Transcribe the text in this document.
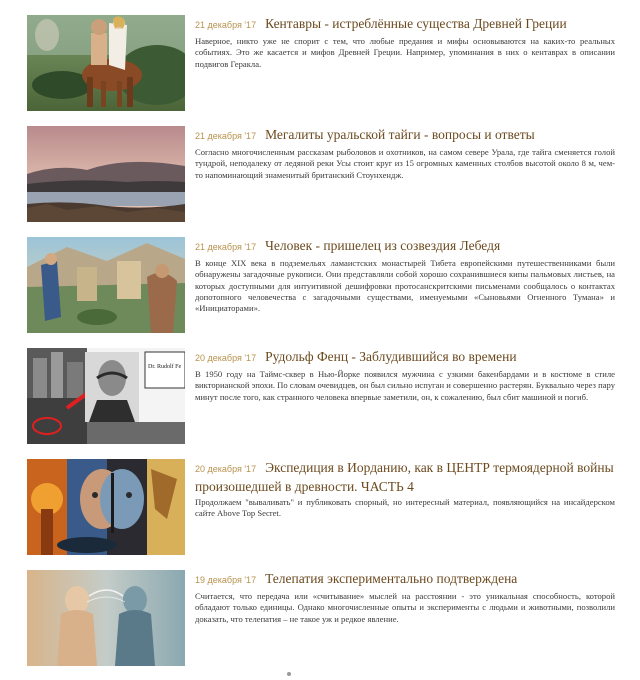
21 декабря '17 Кентавры - истреблённые существа Древней Греции

Наверное, никто уже не спорит с тем, что любые предания и мифы основываются на каких-то реальных событиях. Это же касается и мифов Древней Греции. Например, упоминания в них о кентаврах в описании подвигов Геракла.

21 декабря '17 Мегалиты уральской тайги - вопросы и ответы

Согласно многочисленным рассказам рыболовов и охотников, на самом севере Урала, где тайга сменяется голой тундрой, неподалеку от ледяной реки Усы стоит круг из 15 огромных каменных столбов высотой около 8 м, чем-то напоминающий знаменитый британский Стоунхендж.

21 декабря '17 Человек - пришелец из созвездия Лебедя

В конце XIX века в подземельях ламаистских монастырей Тибета европейскими путешественниками были обнаружены загадочные рукописи. Они представляли собой хорошо сохранившиеся кипы пальмовых листьев, на которых доступными для интуитивной дешифровки протосанскритскими письменами сообщалось о контактах допотопного человечества с загадочными существами, именуемыми «Сыновьями Огненного Тумана» и «Инициаторами».

Dr. Rudolf Fe
20 декабря '17 Рудольф Фенц - Заблудившийся во времени

В 1950 году на Таймс-сквер в Нью-Йорке появился мужчина с узкими бакенбардами и в костюме в стиле викторианской эпохи. По словам очевидцев, он был сильно испуган и совершенно растерян. Буквально через пару минут после того, как странного человека впервые заметили, он, к сожалению, был сбит машиной и погиб.

20 декабря '17 Экспедиция в Иорданию, как в ЦЕНТР термоядерной войны произошедшей в древности. ЧАСТЬ 4

Продолжаем "вываливать" и публиковать спорный, но интересный материал, появляющийся на инсайдерском сайте Above Top Secret.

19 декабря '17 Телепатия экспериментально подтверждена

Считается, что передача или «считывание» мыслей на расстоянии - это уникальная способность, которой обладают только единицы. Однако многочисленные опыты и эксперименты с людьми и животными, позволили доказать, что телепатия – не такое уж и редкое явление.
